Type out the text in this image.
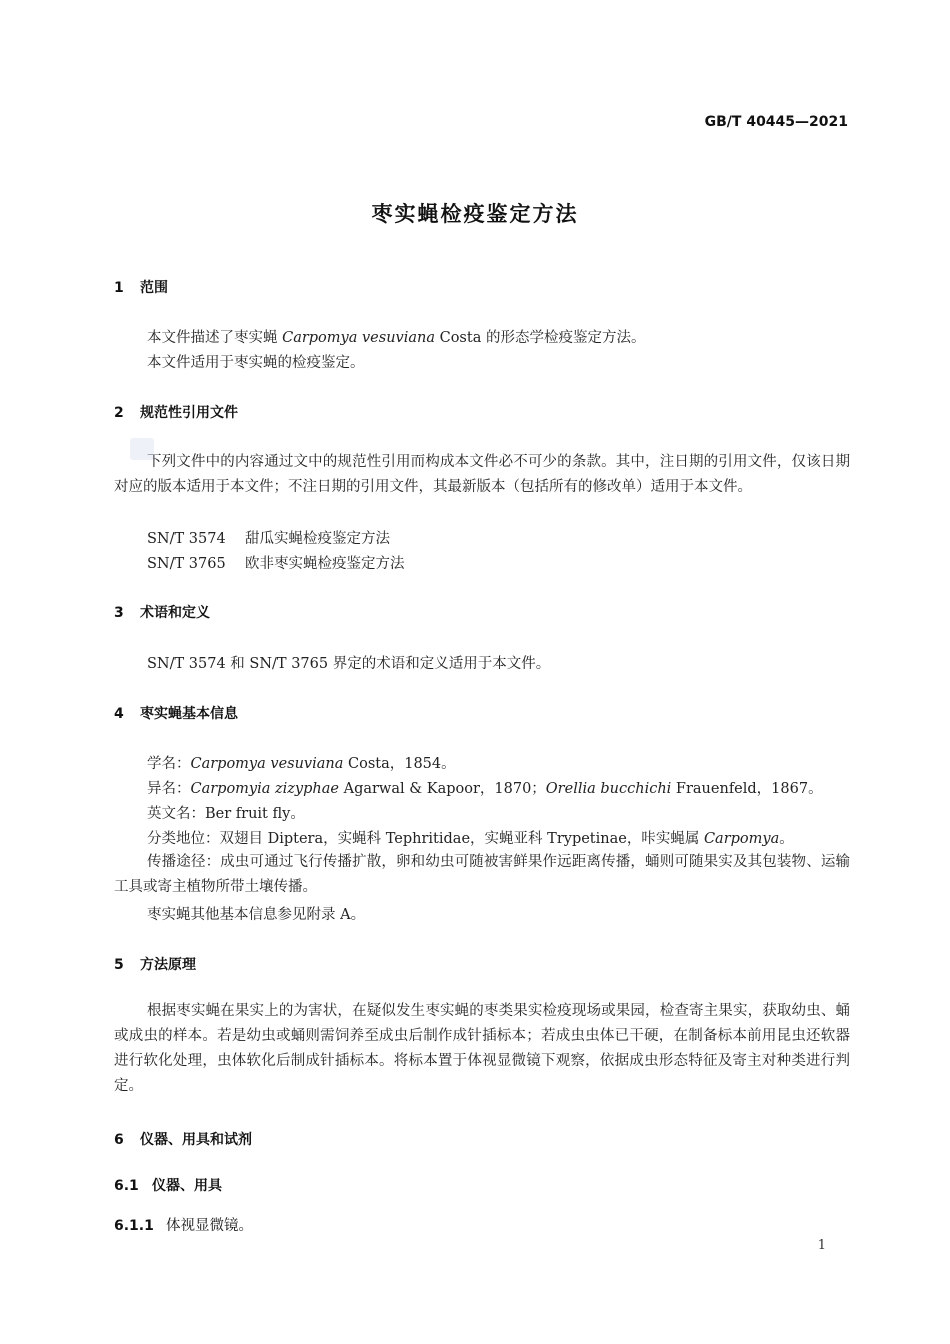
GB/T 40445—2021
枣实蝇检疫鉴定方法
1 范围
本文件描述了枣实蝇 Carpomya vesuviana Costa 的形态学检疫鉴定方法。
本文件适用于枣实蝇的检疫鉴定。
2 规范性引用文件
下列文件中的内容通过文中的规范性引用而构成本文件必不可少的条款。其中，注日期的引用文件，仅该日期对应的版本适用于本文件；不注日期的引用文件，其最新版本（包括所有的修改单）适用于本文件。
SN/T 3574 甜瓜实蝇检疫鉴定方法
SN/T 3765 欧非枣实蝇检疫鉴定方法
3 术语和定义
SN/T 3574 和 SN/T 3765 界定的术语和定义适用于本文件。
4 枣实蝇基本信息
学名：Carpomya vesuviana Costa，1854。
异名：Carpomyia zizyphae Agarwal & Kapoor，1870；Orellia bucchichi Frauenfeld，1867。
英文名：Ber fruit fly。
分类地位：双翅目 Diptera，实蝇科 Tephritidae，实蝇亚科 Trypetinae，咔实蝇属 Carpomya。
传播途径：成虫可通过飞行传播扩散，卵和幼虫可随被害鲜果作远距离传播，蛹则可随果实及其包装物、运输工具或寄主植物所带土壤传播。
枣实蝇其他基本信息参见附录 A。
5 方法原理
根据枣实蝇在果实上的为害状，在疑似发生枣实蝇的枣类果实检疫现场或果园，检查寄主果实，获取幼虫、蛹或成虫的样本。若是幼虫或蛹则需饲养至成虫后制作成针插标本；若成虫虫体已干硬，在制备标本前用昆虫还软器进行软化处理，虫体软化后制成针插标本。将标本置于体视显微镜下观察，依据成虫形态特征及寄主对种类进行判定。
6 仪器、用具和试剂
6.1 仪器、用具
6.1.1 体视显微镜。
1
